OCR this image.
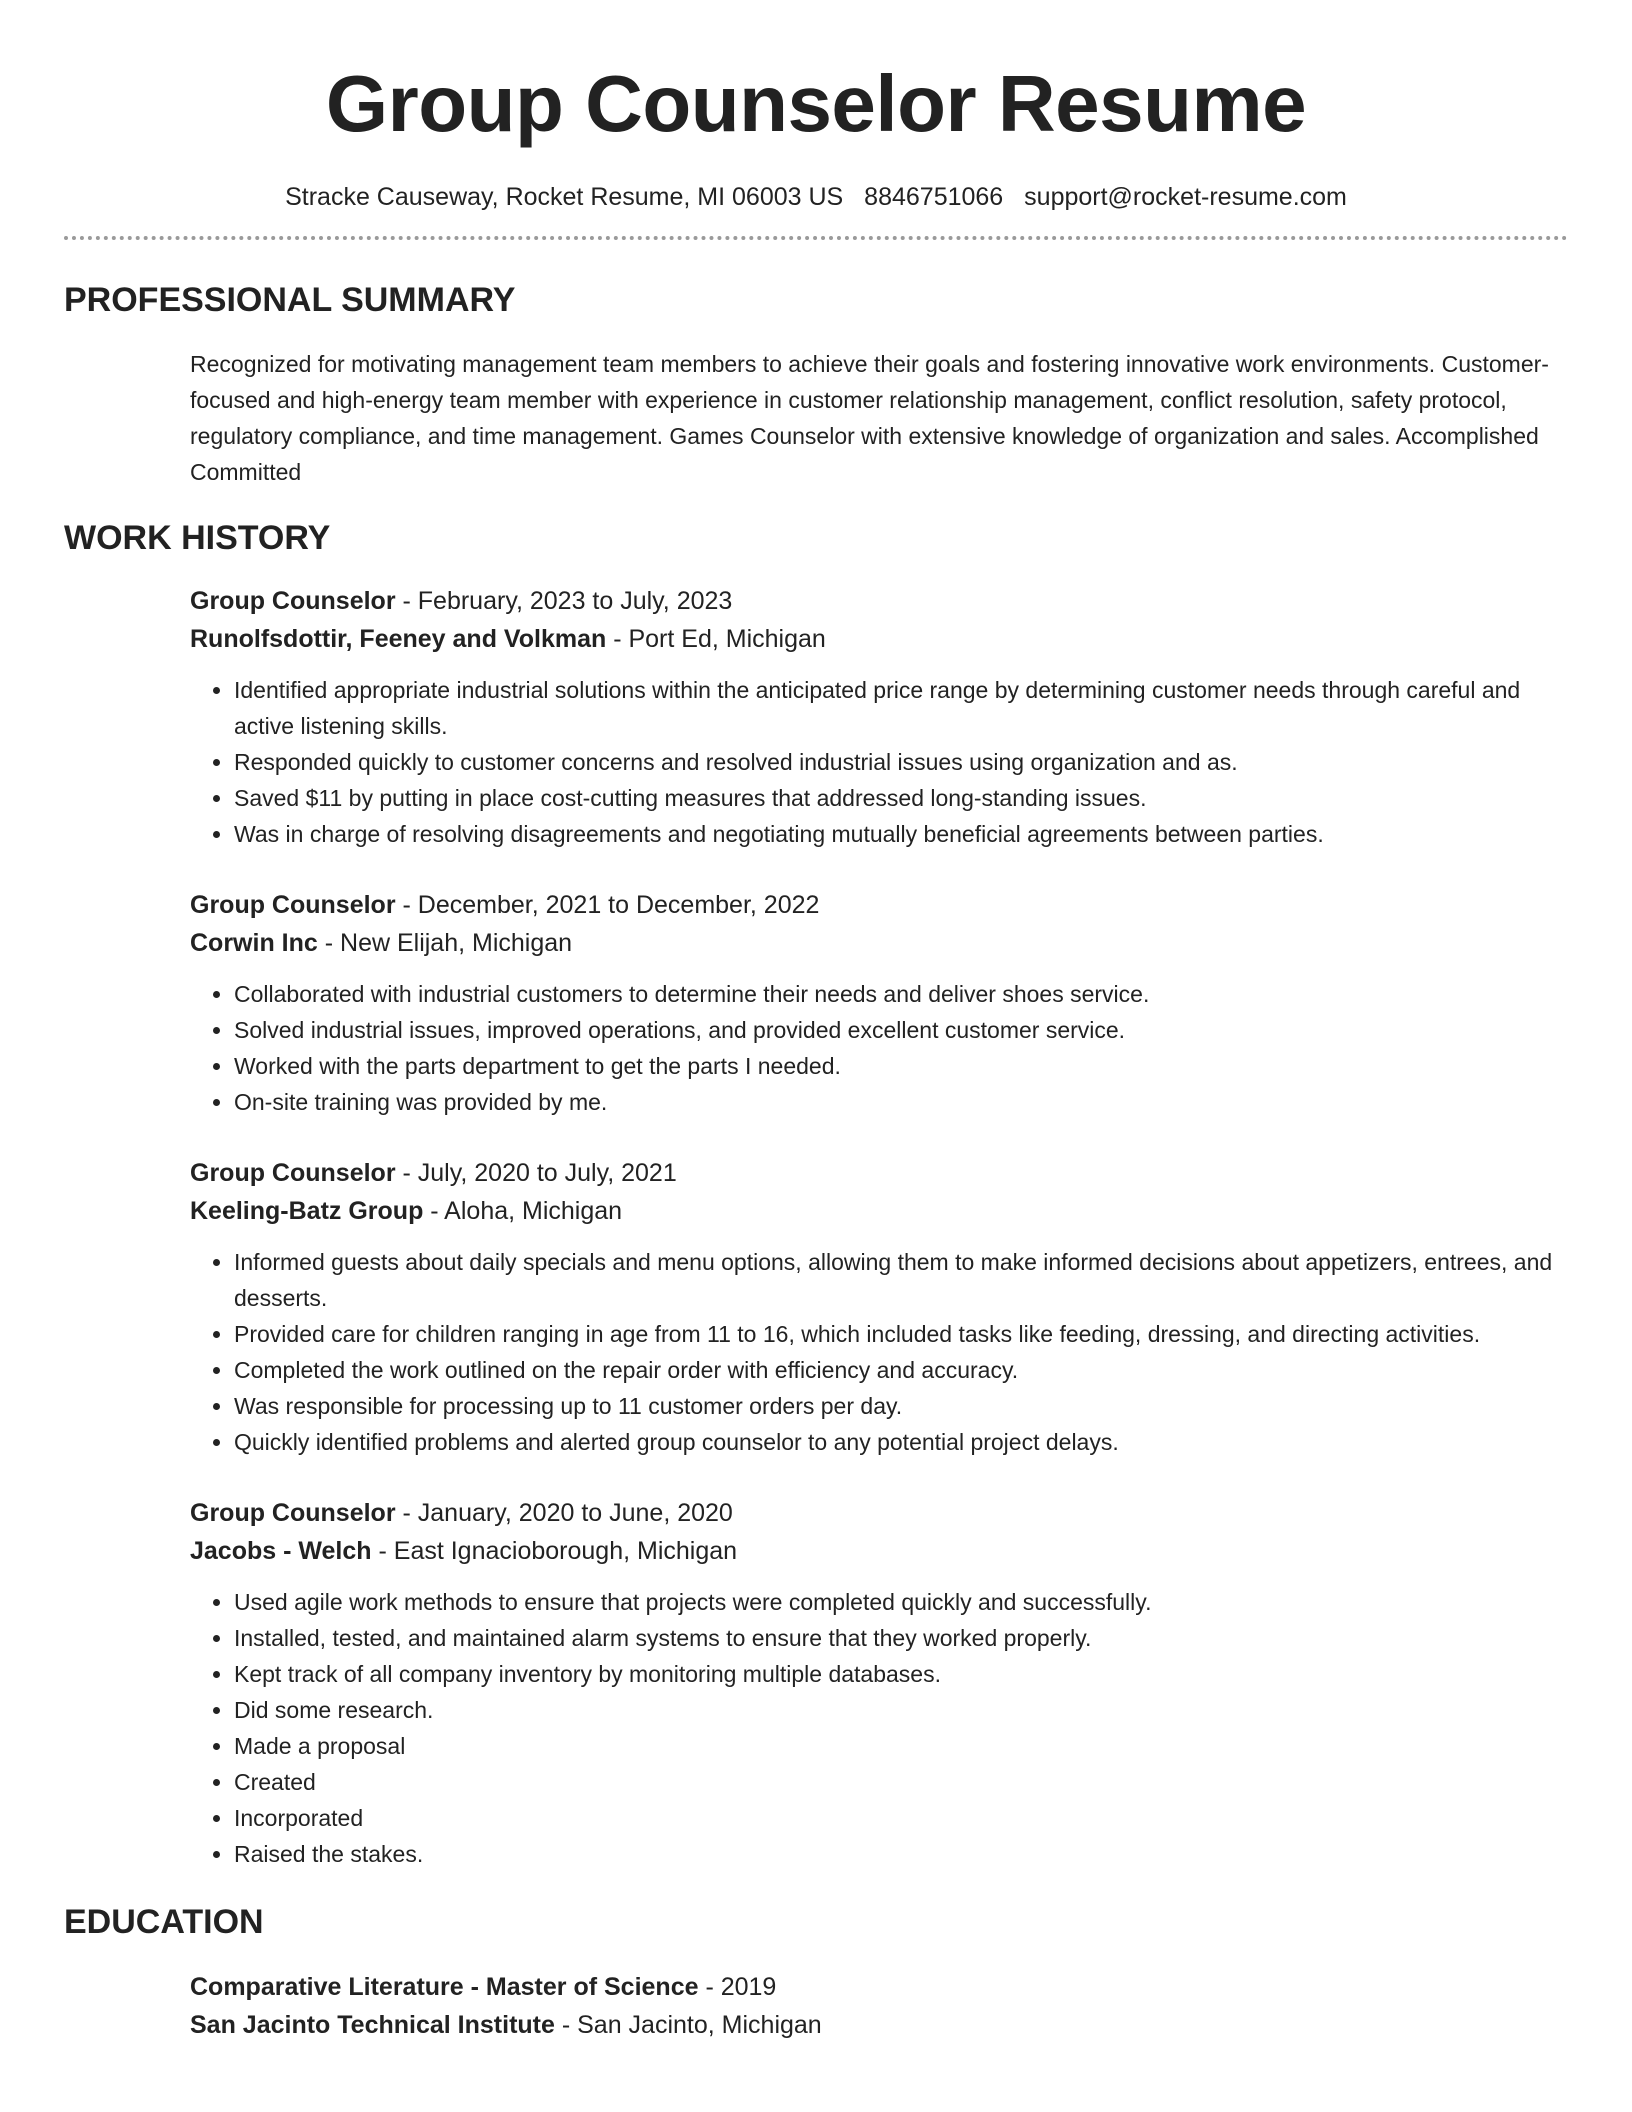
Group Counselor Resume
Stracke Causeway, Rocket Resume, MI 06003 US 8846751066 support@rocket-resume.com
PROFESSIONAL SUMMARY

Recognized for motivating management team members to achieve their goals and fostering innovative work environments. Customer-focused and high-energy team member with experience in customer relationship management, conflict resolution, safety protocol, regulatory compliance, and time management. Games Counselor with extensive knowledge of organization and sales. Accomplished Committed

WORK HISTORY
Group Counselor - February, 2023 to July, 2023
Runolfsdottir, Feeney and Volkman - Port Ed, Michigan
• Identified appropriate industrial solutions within the anticipated price range by determining customer needs through careful and active listening skills.
• Responded quickly to customer concerns and resolved industrial issues using organization and as.
• Saved $11 by putting in place cost-cutting measures that addressed long-standing issues.
• Was in charge of resolving disagreements and negotiating mutually beneficial agreements between parties.
Group Counselor - December, 2021 to December, 2022
Corwin Inc - New Elijah, Michigan
• Collaborated with industrial customers to determine their needs and deliver shoes service.
• Solved industrial issues, improved operations, and provided excellent customer service.
• Worked with the parts department to get the parts I needed.
• On-site training was provided by me.
Group Counselor - July, 2020 to July, 2021
Keeling-Batz Group - Aloha, Michigan
• Informed guests about daily specials and menu options, allowing them to make informed decisions about appetizers, entrees, and desserts.
• Provided care for children ranging in age from 11 to 16, which included tasks like feeding, dressing, and directing activities.
• Completed the work outlined on the repair order with efficiency and accuracy.
• Was responsible for processing up to 11 customer orders per day.
• Quickly identified problems and alerted group counselor to any potential project delays.
Group Counselor - January, 2020 to June, 2020
Jacobs - Welch - East Ignacioborough, Michigan
• Used agile work methods to ensure that projects were completed quickly and successfully.
• Installed, tested, and maintained alarm systems to ensure that they worked properly.
• Kept track of all company inventory by monitoring multiple databases.
• Did some research.
• Made a proposal
• Created
• Incorporated
• Raised the stakes.
EDUCATION
Comparative Literature - Master of Science - 2019
San Jacinto Technical Institute - San Jacinto, Michigan
